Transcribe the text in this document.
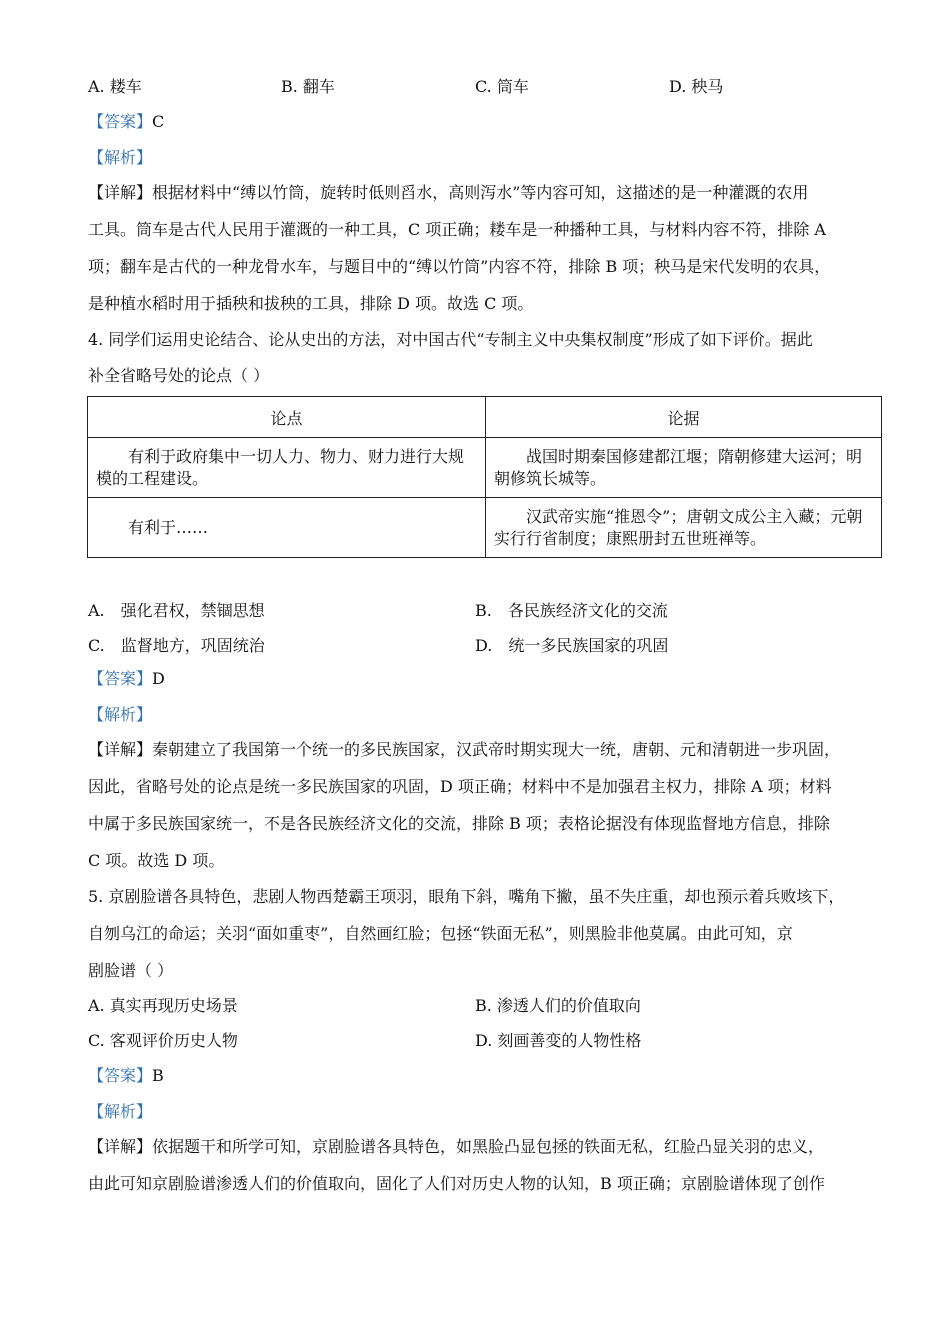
A. 耧车	B. 翻车	C. 筒车	D. 秧马
【答案】C
【解析】
【详解】根据材料中“缚以竹筒，旋转时低则舀水，高则泻水”等内容可知，这描述的是一种灌溉的农用
工具。筒车是古代人民用于灌溉的一种工具，C 项正确；耧车是一种播种工具，与材料内容不符，排除 A
项；翻车是古代的一种龙骨水车，与题目中的“缚以竹筒”内容不符，排除 B 项；秧马是宋代发明的农具，
是种植水稻时用于插秧和拔秧的工具，排除 D 项。故选 C 项。
4. 同学们运用史论结合、论从史出的方法，对中国古代“专制主义中央集权制度”形成了如下评价。据此
补全省略号处的论点（ ）
论点	论据
有利于政府集中一切人力、物力、财力进行大规模的工程建设。	战国时期秦国修建都江堰；隋朝修建大运河；明朝修筑长城等。
有利于……	汉武帝实施“推恩令”；唐朝文成公主入藏；元朝实行行省制度；康熙册封五世班禅等。
A.　强化君权，禁锢思想	B.　各民族经济文化的交流
C.　监督地方，巩固统治	D.　统一多民族国家的巩固
【答案】D
【解析】
【详解】秦朝建立了我国第一个统一的多民族国家，汉武帝时期实现大一统，唐朝、元和清朝进一步巩固，
因此，省略号处的论点是统一多民族国家的巩固，D 项正确；材料中不是加强君主权力，排除 A 项；材料
中属于多民族国家统一，不是各民族经济文化的交流，排除 B 项；表格论据没有体现监督地方信息，排除
C 项。故选 D 项。
5. 京剧脸谱各具特色，悲剧人物西楚霸王项羽，眼角下斜，嘴角下撇，虽不失庄重，却也预示着兵败垓下，
自刎乌江的命运；关羽“面如重枣”，自然画红脸；包拯“铁面无私”，则黑脸非他莫属。由此可知，京
剧脸谱（ ）
A. 真实再现历史场景	B. 渗透人们的价值取向
C. 客观评价历史人物	D. 刻画善变的人物性格
【答案】B
【解析】
【详解】依据题干和所学可知，京剧脸谱各具特色，如黑脸凸显包拯的铁面无私，红脸凸显关羽的忠义，
由此可知京剧脸谱渗透人们的价值取向，固化了人们对历史人物的认知，B 项正确；京剧脸谱体现了创作
